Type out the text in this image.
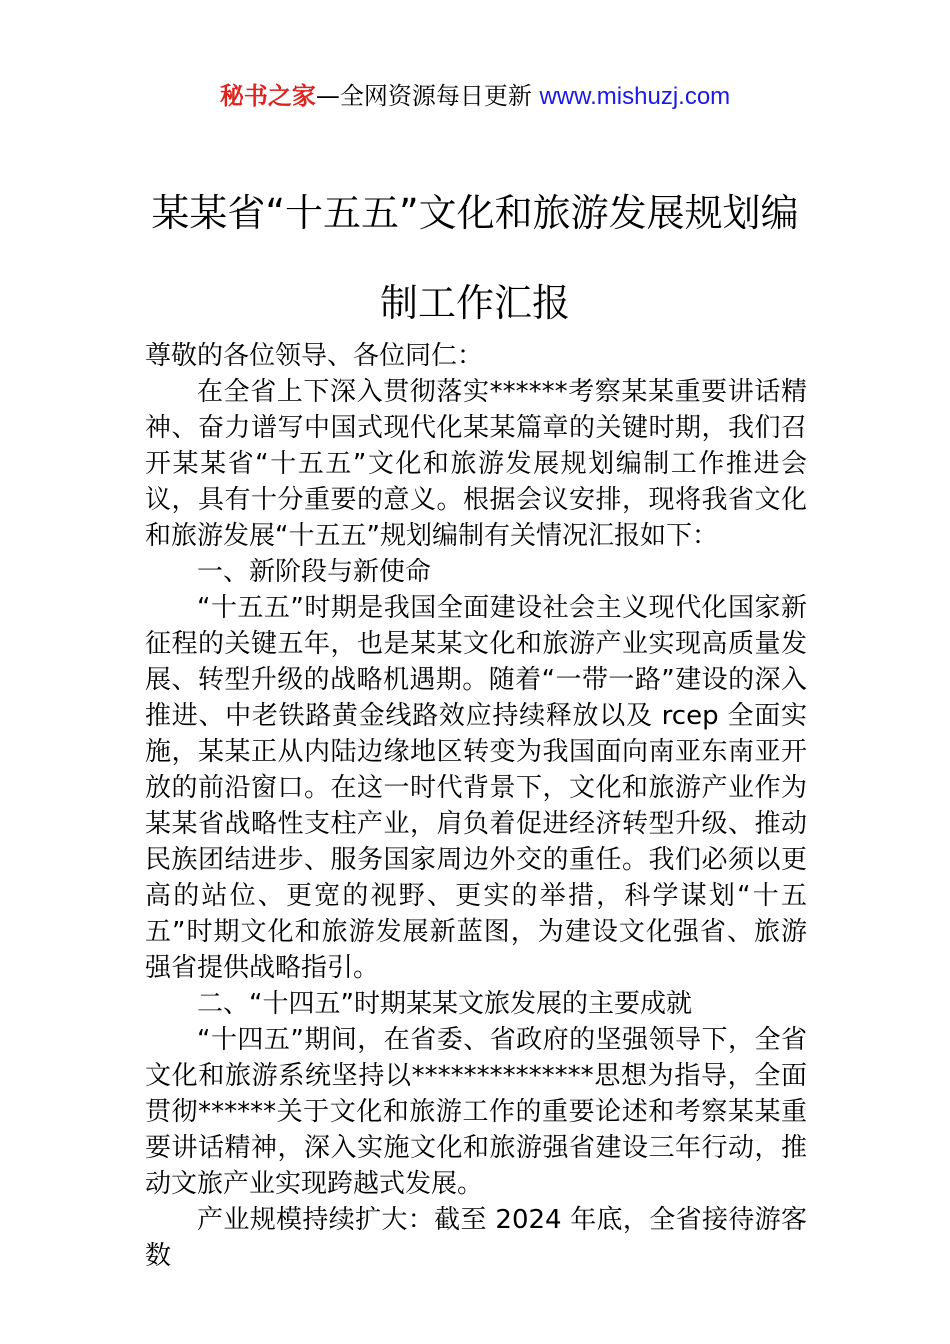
秘书之家—全网资源每日更新 www.mishuzj.com
某某省“十五五”文化和旅游发展规划编制工作汇报

尊敬的各位领导、各位同仁：

在全省上下深入贯彻落实******考察某某重要讲话精神、奋力谱写中国式现代化某某篇章的关键时期，我们召开某某省“十五五”文化和旅游发展规划编制工作推进会议，具有十分重要的意义。根据会议安排，现将我省文化和旅游发展“十五五”规划编制有关情况汇报如下：

一、新阶段与新使命

“十五五”时期是我国全面建设社会主义现代化国家新征程的关键五年，也是某某文化和旅游产业实现高质量发展、转型升级的战略机遇期。随着“一带一路”建设的深入推进、中老铁路黄金线路效应持续释放以及 rcep 全面实施，某某正从内陆边缘地区转变为我国面向南亚东南亚开放的前沿窗口。在这一时代背景下，文化和旅游产业作为某某省战略性支柱产业，肩负着促进经济转型升级、推动民族团结进步、服务国家周边外交的重任。我们必须以更高的站位、更宽的视野、更实的举措，科学谋划“十五五”时期文化和旅游发展新蓝图，为建设文化强省、旅游强省提供战略指引。

二、“十四五”时期某某文旅发展的主要成就

“十四五”期间，在省委、省政府的坚强领导下，全省文化和旅游系统坚持以**************思想为指导，全面贯彻******关于文化和旅游工作的重要论述和考察某某重要讲话精神，深入实施文化和旅游强省建设三年行动，推动文旅产业实现跨越式发展。

产业规模持续扩大：截至 2024 年底，全省接待游客数
